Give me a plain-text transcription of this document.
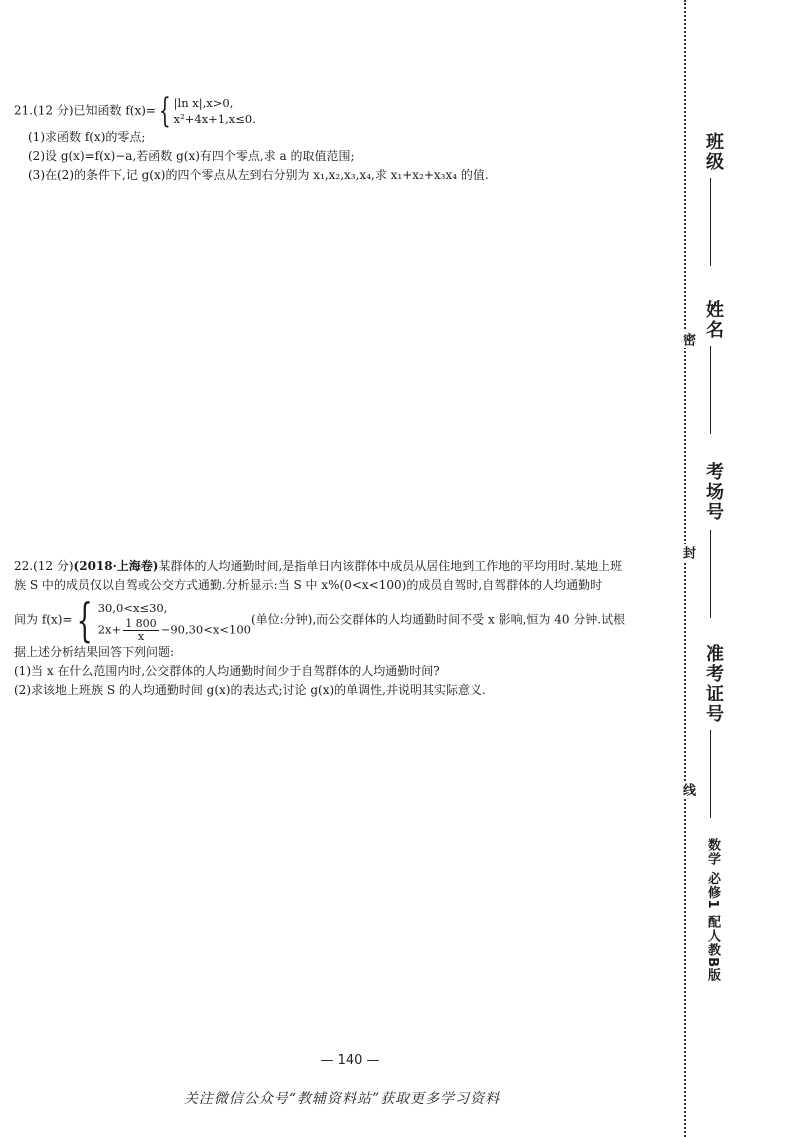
21.(12 分)已知函数 f(x)= { |ln x|,x>0,
x²+4x+1,x≤0.
(1)求函数 f(x)的零点;
(2)设 g(x)=f(x)−a,若函数 g(x)有四个零点,求 a 的取值范围;
(3)在(2)的条件下,记 g(x)的四个零点从左到右分别为 x₁,x₂,x₃,x₄,求 x₁+x₂+x₃x₄ 的值.
22.(12 分)(2018·上海卷)某群体的人均通勤时间,是指单日内该群体中成员从居住地到工作地的平均用时.某地上班
族 S 中的成员仅以自驾或公交方式通勤.分析显示:当 S 中 x%(0<x<100)的成员自驾时,自驾群体的人均通勤时
间为 f(x)= { 30,0<x≤30,
$2x+ \frac{1 800}{x} -90,30<x<100$
(单位:分钟),而公交群体的人均通勤时间不受 x 影响,恒为 40 分钟.试根
据上述分析结果回答下列问题:
(1)当 x 在什么范围内时,公交群体的人均通勤时间少于自驾群体的人均通勤时间?
(2)求该地上班族 S 的人均通勤时间 g(x)的表达式;讨论 g(x)的单调性,并说明其实际意义.
班级
姓名
考场号
准考证号
密
封
线
数学 必修1 配人教B版
— 140 —
关注微信公众号“教辅资料站”获取更多学习资料
